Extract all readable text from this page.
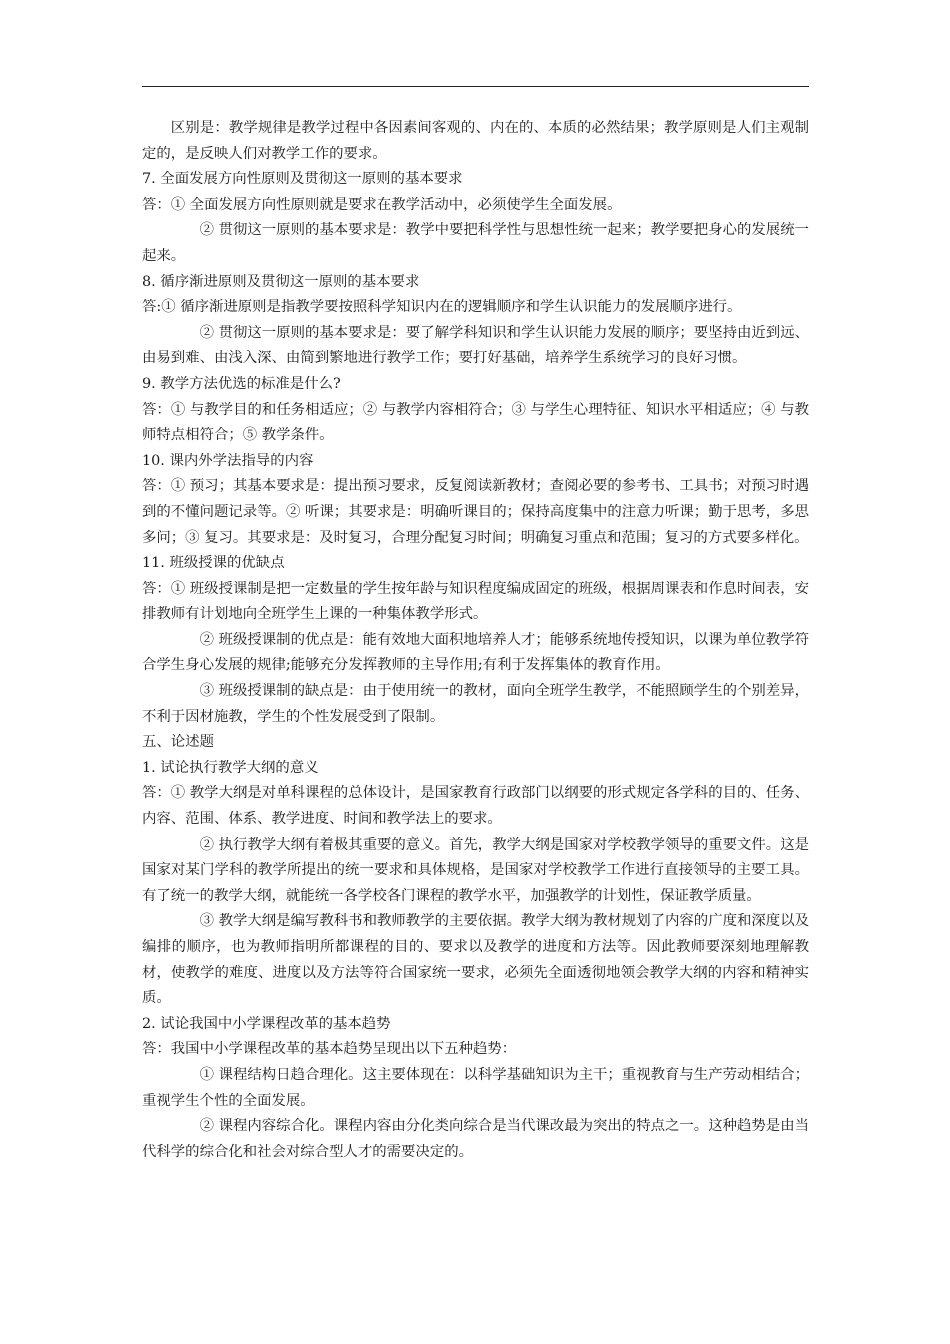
区别是：教学规律是教学过程中各因素间客观的、内在的、本质的必然结果；教学原则是人们主观制定的，是反映人们对教学工作的要求。

7. 全面发展方向性原则及贯彻这一原则的基本要求

答：① 全面发展方向性原则就是要求在教学活动中，必须使学生全面发展。

② 贯彻这一原则的基本要求是：教学中要把科学性与思想性统一起来；教学要把身心的发展统一起来。

8. 循序渐进原则及贯彻这一原则的基本要求

答:① 循序渐进原则是指教学要按照科学知识内在的逻辑顺序和学生认识能力的发展顺序进行。

② 贯彻这一原则的基本要求是：要了解学科知识和学生认识能力发展的顺序；要坚持由近到远、由易到难、由浅入深、由简到繁地进行教学工作；要打好基础，培养学生系统学习的良好习惯。

9. 教学方法优选的标准是什么?

答：① 与教学目的和任务相适应；② 与教学内容相符合；③ 与学生心理特征、知识水平相适应；④ 与教师特点相符合；⑤ 教学条件。

10. 课内外学法指导的内容

答：① 预习；其基本要求是：提出预习要求，反复阅读新教材；查阅必要的参考书、工具书；对预习时遇到的不懂问题记录等。② 听课；其要求是：明确听课目的；保持高度集中的注意力听课；勤于思考，多思多问；③ 复习。其要求是：及时复习，合理分配复习时间；明确复习重点和范围；复习的方式要多样化。

11. 班级授课的优缺点

答：① 班级授课制是把一定数量的学生按年龄与知识程度编成固定的班级，根据周课表和作息时间表，安排教师有计划地向全班学生上课的一种集体教学形式。

② 班级授课制的优点是：能有效地大面积地培养人才；能够系统地传授知识，以课为单位教学符合学生身心发展的规律;能够充分发挥教师的主导作用;有利于发挥集体的教育作用。

③ 班级授课制的缺点是：由于使用统一的教材，面向全班学生教学，不能照顾学生的个别差异，不利于因材施教，学生的个性发展受到了限制。

五、论述题

1. 试论执行教学大纲的意义

答：① 教学大纲是对单科课程的总体设计，是国家教育行政部门以纲要的形式规定各学科的目的、任务、内容、范围、体系、教学进度、时间和教学法上的要求。

② 执行教学大纲有着极其重要的意义。首先，教学大纲是国家对学校教学领导的重要文件。这是国家对某门学科的教学所提出的统一要求和具体规格，是国家对学校教学工作进行直接领导的主要工具。有了统一的教学大纲，就能统一各学校各门课程的教学水平，加强教学的计划性，保证教学质量。

③ 教学大纲是编写教科书和教师教学的主要依据。教学大纲为教材规划了内容的广度和深度以及编排的顺序，也为教师指明所都课程的目的、要求以及教学的进度和方法等。因此教师要深刻地理解教材，使教学的难度、进度以及方法等符合国家统一要求，必须先全面透彻地领会教学大纲的内容和精神实质。

2. 试论我国中小学课程改革的基本趋势

答：我国中小学课程改革的基本趋势呈现出以下五种趋势：

① 课程结构日趋合理化。这主要体现在：以科学基础知识为主干；重视教育与生产劳动相结合；重视学生个性的全面发展。

② 课程内容综合化。课程内容由分化类向综合是当代课改最为突出的特点之一。这种趋势是由当代科学的综合化和社会对综合型人才的需要决定的。
